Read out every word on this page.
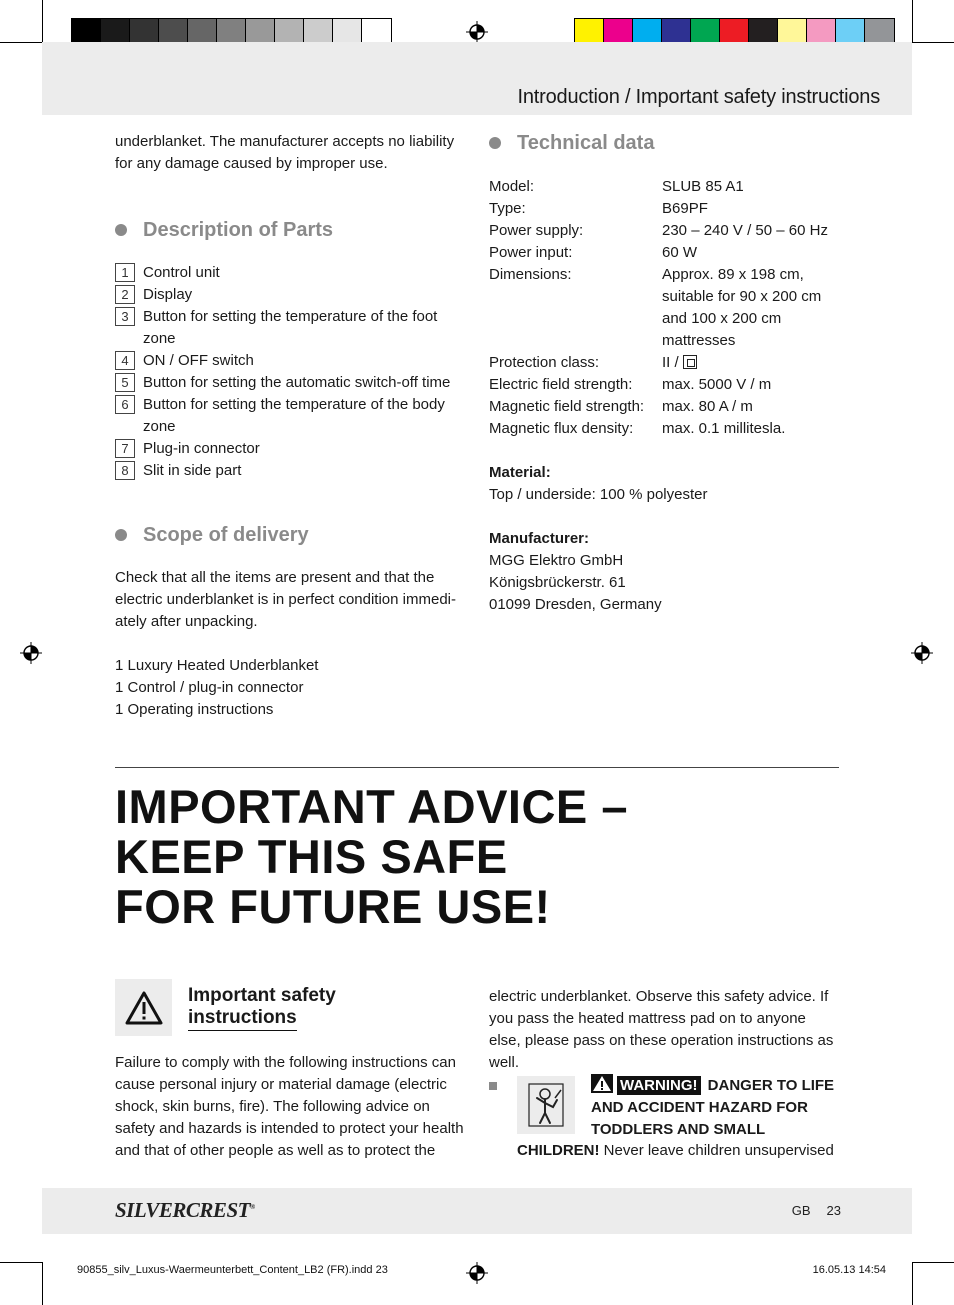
Introduction / Important safety instructions

underblanket. The manufacturer accepts no liability for any damage caused by improper use.

Description of Parts
1 Control unit
2 Display
3 Button for setting the temperature of the foot zone
4 ON / OFF switch
5 Button for setting the automatic switch-off time
6 Button for setting the temperature of the body zone
7 Plug-in connector
8 Slit in side part
Scope of delivery

Check that all the items are present and that the electric underblanket is in perfect condition immedi-ately after unpacking.

1 Luxury Heated Underblanket

1 Control / plug-in connector

1 Operating instructions

Technical data
Model:	SLUB 85 A1
Type:	B69PF
Power supply:	230 – 240 V / 50 – 60 Hz
Power input:	60 W
Dimensions:	Approx. 89 x 198 cm, suitable for 90 x 200 cm and 100 x 200 cm mattresses
Protection class:	II /
Electric field strength:	max. 5000 V / m
Magnetic field strength:	max. 80 A / m
Magnetic flux density:	max. 0.1 millitesla.

Material:

Top / underside: 100 % polyester

Manufacturer:

MGG Elektro GmbH

Königsbrückerstr. 61

01099 Dresden, Germany

IMPORTANT ADVICE –
KEEP THIS SAFE
FOR FUTURE USE!
Important safety
instructions

Failure to comply with the following instructions can cause personal injury or material damage (electric shock, skin burns, fire). The following advice on safety and hazards is intended to protect your health and that of other people as well as to protect the

electric underblanket. Observe this safety advice. If you pass the heated mattress pad on to anyone else, please pass on these operation instructions as well.

WARNING! DANGER TO LIFE AND ACCIDENT HAZARD FOR TODDLERS AND SMALL
CHILDREN! Never leave children unsupervised
SILVERCREST®	GB 23
90855_silv_Luxus-Waermeunterbett_Content_LB2 (FR).indd 23	16.05.13 14:54
